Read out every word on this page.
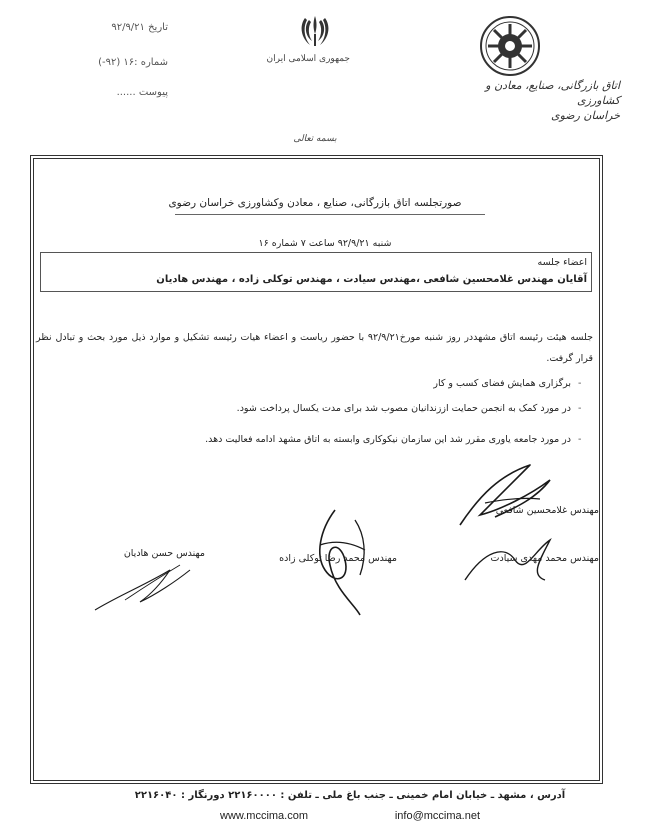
تاریخ ۹۲/۹/۲۱
شماره :۱۶ (۹۲-)
پیوست ......
جمهوری اسلامی ایران
اتاق بازرگانی، صنایع، معادن و کشاورزی
خراسان رضوی
بسمه تعالی
صورتجلسه اتاق بازرگانی، صنایع ، معادن وکشاورزی خراسان رضوی
شنبه ۹۲/۹/۲۱ ساعت ۷ شماره ۱۶
اعضاء جلسه
آقایان مهندس غلامحسین شافعی ،مهندس سیادت ، مهندس توکلی زاده ، مهندس هادیان
جلسه هیئت رئیسه اتاق مشهددر روز شنبه مورخ۹۲/۹/۲۱ با حضور ریاست و اعضاء هیات رئیسه تشکیل و موارد ذیل مورد بحث و تبادل نظر قرار گرفت.
-
برگزاری همایش فضای کسب و کار
-
در مورد کمک به انجمن حمایت اززندانیان مصوب شد برای مدت یکسال پرداخت شود.
-
در مورد جامعه یاوری مقرر شد این سازمان نیکوکاری وابسته به اتاق مشهد ادامه فعالیت دهد.
مهندس غلامحسین شافعی
مهندس محمد مهدی سیادت
مهندس محمد رضا توکلی زاده
مهندس حسن هادیان
آدرس ، مشهد ـ خیابان امام خمینی ـ جنب باغ ملی ـ تلفن : ۲۲۱۶۰۰۰۰ دورنگار : ۲۲۱۶۰۴۰
www.mccima.com	info@mccima.net
